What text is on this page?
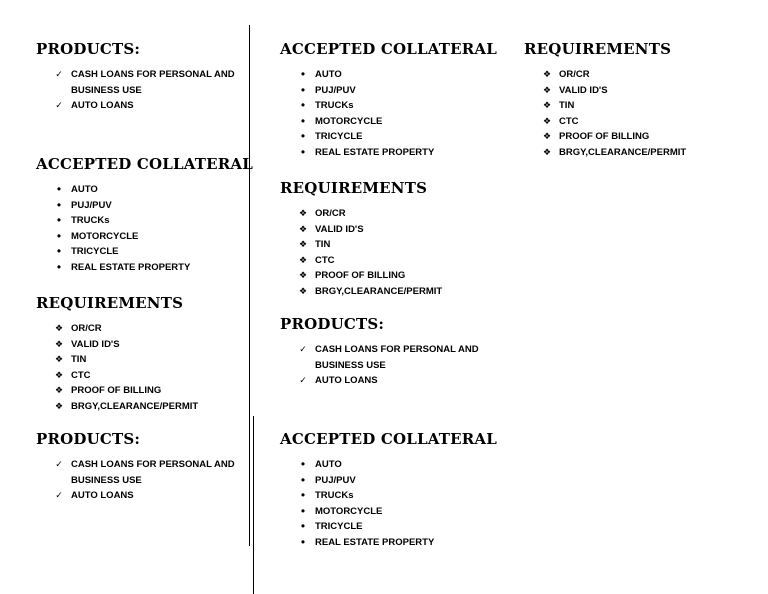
PRODUCTS:
✓ CASH LOANS FOR PERSONAL AND
BUSINESS USE
✓ AUTO LOANS
ACCEPTED COLLATERAL
•	AUTO
•	PUJ/PUV
•	TRUCKs
•	MOTORCYCLE
•	TRICYCLE
•	REAL ESTATE PROPERTY
REQUIREMENTS
❖ OR/CR
❖ VALID ID'S
❖ TIN
❖ CTC
❖ PROOF OF BILLING
❖ BRGY,CLEARANCE/PERMIT
PRODUCTS:
✓ CASH LOANS FOR PERSONAL AND
BUSINESS USE
✓ AUTO LOANS
ACCEPTED COLLATERAL
•	AUTO
•	PUJ/PUV
•	TRUCKs
•	MOTORCYCLE
•	TRICYCLE
•	REAL ESTATE PROPERTY
REQUIREMENTS
❖ OR/CR
❖ VALID ID'S
❖ TIN
❖ CTC
❖ PROOF OF BILLING
❖ BRGY,CLEARANCE/PERMIT
PRODUCTS:
✓ CASH LOANS FOR PERSONAL AND
BUSINESS USE
✓ AUTO LOANS
ACCEPTED COLLATERAL
•	AUTO
•	PUJ/PUV
•	TRUCKs
•	MOTORCYCLE
•	TRICYCLE
•	REAL ESTATE PROPERTY
REQUIREMENTS
❖ OR/CR
❖ VALID ID'S
❖ TIN
❖ CTC
❖ PROOF OF BILLING
❖ BRGY,CLEARANCE/PERMIT
